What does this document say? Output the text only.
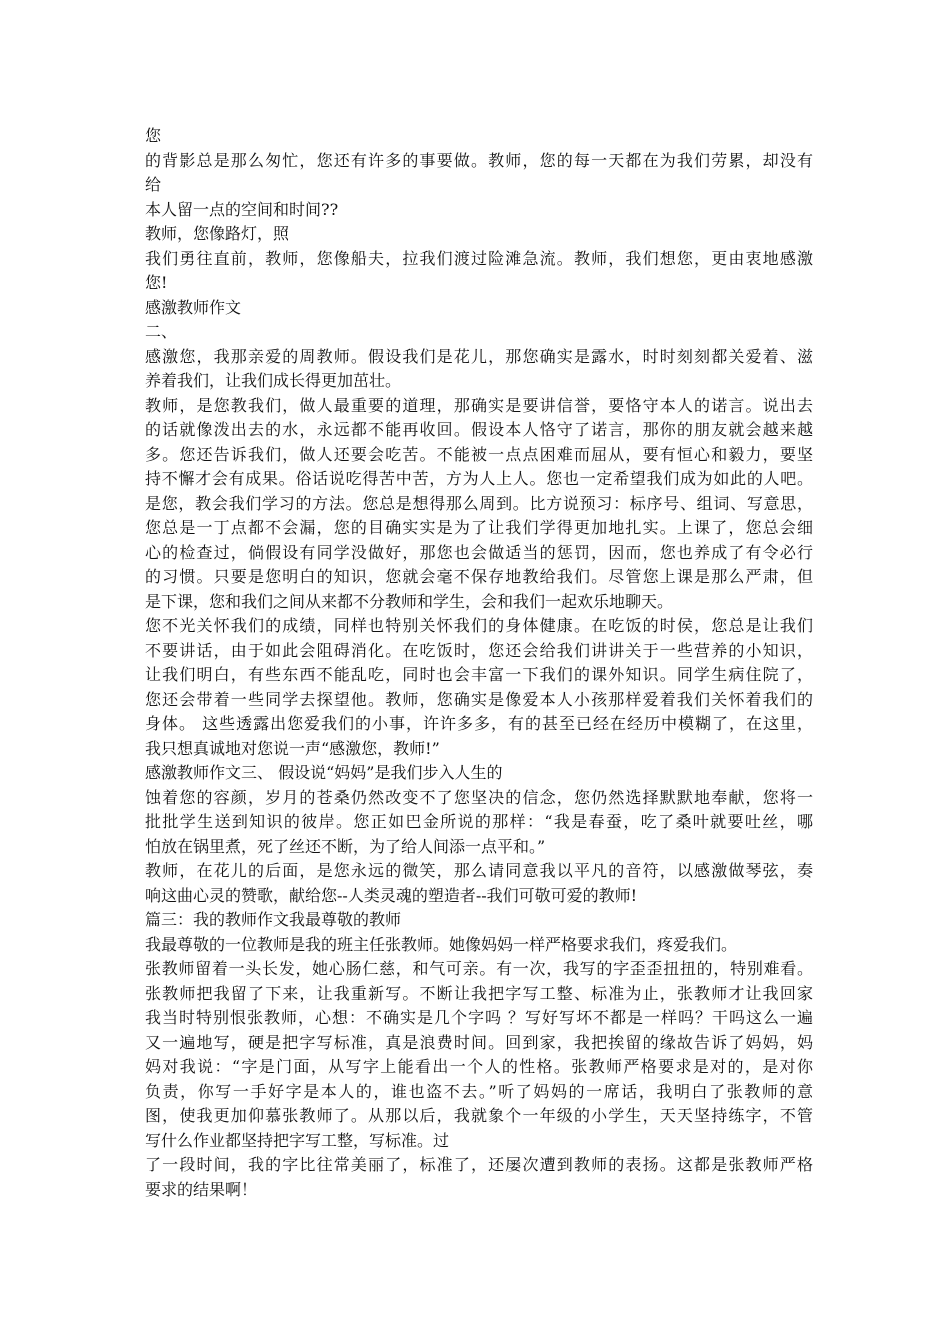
您
的背影总是那么匆忙，您还有许多的事要做。教师，您的每一天都在为我们劳累，却没有
给
本人留一点的空间和时间??
教师，您像路灯，照
我们勇往直前，教师，您像船夫，拉我们渡过险滩急流。教师，我们想您，更由衷地感激
您!
感激教师作文
二、
感激您，我那亲爱的周教师。假设我们是花儿，那您确实是露水，时时刻刻都关爱着、滋
养着我们，让我们成长得更加茁壮。
教师，是您教我们，做人最重要的道理，那确实是要讲信誉，要恪守本人的诺言。说出去
的话就像泼出去的水，永远都不能再收回。假设本人恪守了诺言，那你的朋友就会越来越
多。您还告诉我们，做人还要会吃苦。不能被一点点困难而屈从，要有恒心和毅力，要坚
持不懈才会有成果。俗话说吃得苦中苦，方为人上人。您也一定希望我们成为如此的人吧。
是您，教会我们学习的方法。您总是想得那么周到。比方说预习：标序号、组词、写意思，
您总是一丁点都不会漏，您的目确实实是为了让我们学得更加地扎实。上课了，您总会细
心的检查过，倘假设有同学没做好，那您也会做适当的惩罚，因而，您也养成了有令必行
的习惯。只要是您明白的知识，您就会毫不保存地教给我们。尽管您上课是那么严肃，但
是下课，您和我们之间从来都不分教师和学生，会和我们一起欢乐地聊天。
您不光关怀我们的成绩，同样也特别关怀我们的身体健康。在吃饭的时侯，您总是让我们
不要讲话，由于如此会阻碍消化。在吃饭时，您还会给我们讲讲关于一些营养的小知识，
让我们明白，有些东西不能乱吃，同时也会丰富一下我们的课外知识。同学生病住院了，
您还会带着一些同学去探望他。教师，您确实是像爱本人小孩那样爱着我们关怀着我们的
身体。 这些透露出您爱我们的小事，许许多多，有的甚至已经在经历中模糊了，在这里，
我只想真诚地对您说一声“感激您，教师!”
感激教师作文三、 假设说“妈妈”是我们步入人生的
蚀着您的容颜，岁月的苍桑仍然改变不了您坚决的信念，您仍然选择默默地奉献，您将一
批批学生送到知识的彼岸。您正如巴金所说的那样：“我是春蚕，吃了桑叶就要吐丝，哪
怕放在锅里煮，死了丝还不断，为了给人间添一点平和。”
教师，在花儿的后面，是您永远的微笑，那么请同意我以平凡的音符，以感激做琴弦，奏
响这曲心灵的赞歌，献给您--人类灵魂的塑造者--我们可敬可爱的教师!
篇三：我的教师作文我最尊敬的教师
我最尊敬的一位教师是我的班主任张教师。她像妈妈一样严格要求我们，疼爱我们。
张教师留着一头长发，她心肠仁慈，和气可亲。有一次，我写的字歪歪扭扭的，特别难看。
张教师把我留了下来，让我重新写。不断让我把字写工整、标准为止，张教师才让我回家
我当时特别恨张教师，心想：不确实是几个字吗 ？写好写坏不都是一样吗？干吗这么一遍
又一遍地写，硬是把字写标准，真是浪费时间。回到家，我把挨留的缘故告诉了妈妈，妈
妈对我说：“字是门面，从写字上能看出一个人的性格。张教师严格要求是对的，是对你
负责，你写一手好字是本人的，谁也盗不去。”听了妈妈的一席话，我明白了张教师的意
图，使我更加仰慕张教师了。从那以后，我就象个一年级的小学生，天天坚持练字，不管
写什么作业都坚持把字写工整，写标准。过
了一段时间，我的字比往常美丽了，标准了，还屡次遭到教师的表扬。这都是张教师严格
要求的结果啊！
